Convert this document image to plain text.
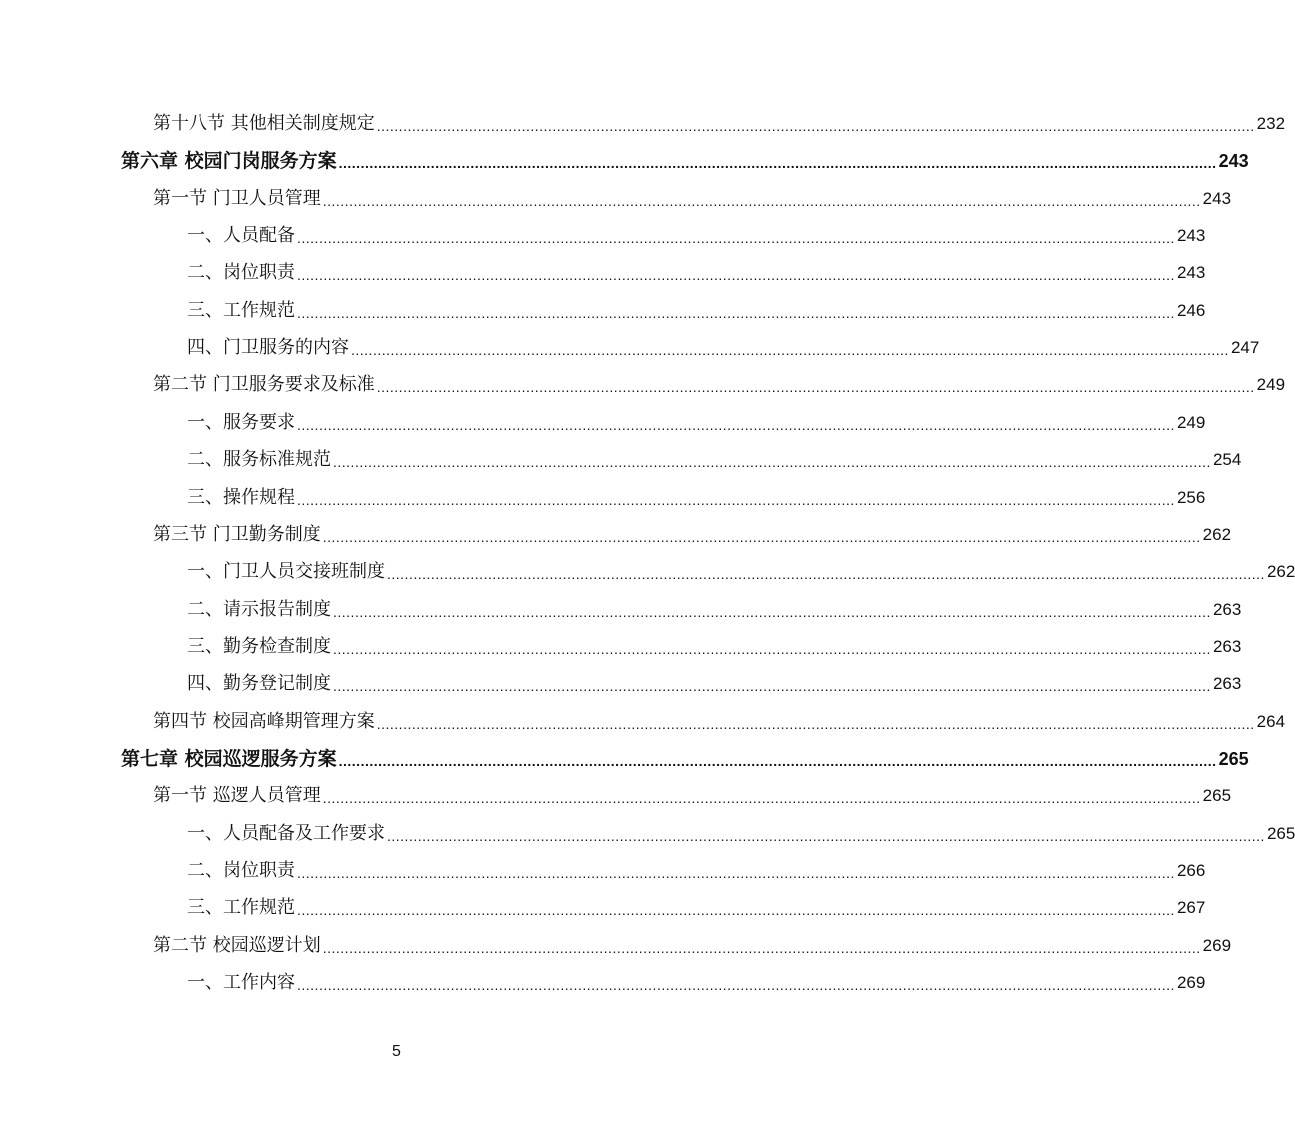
第十八节 其他相关制度规定 ........................................................................................................................................................................................................ 232
第六章 校园门岗服务方案 ........................................................................................................................................................................................................ 243
第一节 门卫人员管理 ........................................................................................................................................................................................................ 243
一、人员配备 ........................................................................................................................................................................................................ 243
二、岗位职责 ........................................................................................................................................................................................................ 243
三、工作规范 ........................................................................................................................................................................................................ 246
四、门卫服务的内容 ........................................................................................................................................................................................................ 247
第二节 门卫服务要求及标准 ........................................................................................................................................................................................................ 249
一、服务要求 ........................................................................................................................................................................................................ 249
二、服务标准规范 ........................................................................................................................................................................................................ 254
三、操作规程 ........................................................................................................................................................................................................ 256
第三节 门卫勤务制度 ........................................................................................................................................................................................................ 262
一、门卫人员交接班制度 ........................................................................................................................................................................................................ 262
二、请示报告制度 ........................................................................................................................................................................................................ 263
三、勤务检查制度 ........................................................................................................................................................................................................ 263
四、勤务登记制度 ........................................................................................................................................................................................................ 263
第四节 校园高峰期管理方案 ........................................................................................................................................................................................................ 264
第七章 校园巡逻服务方案 ........................................................................................................................................................................................................ 265
第一节 巡逻人员管理 ........................................................................................................................................................................................................ 265
一、人员配备及工作要求 ........................................................................................................................................................................................................ 265
二、岗位职责 ........................................................................................................................................................................................................ 266
三、工作规范 ........................................................................................................................................................................................................ 267
第二节 校园巡逻计划 ........................................................................................................................................................................................................ 269
一、工作内容 ........................................................................................................................................................................................................ 269
5
